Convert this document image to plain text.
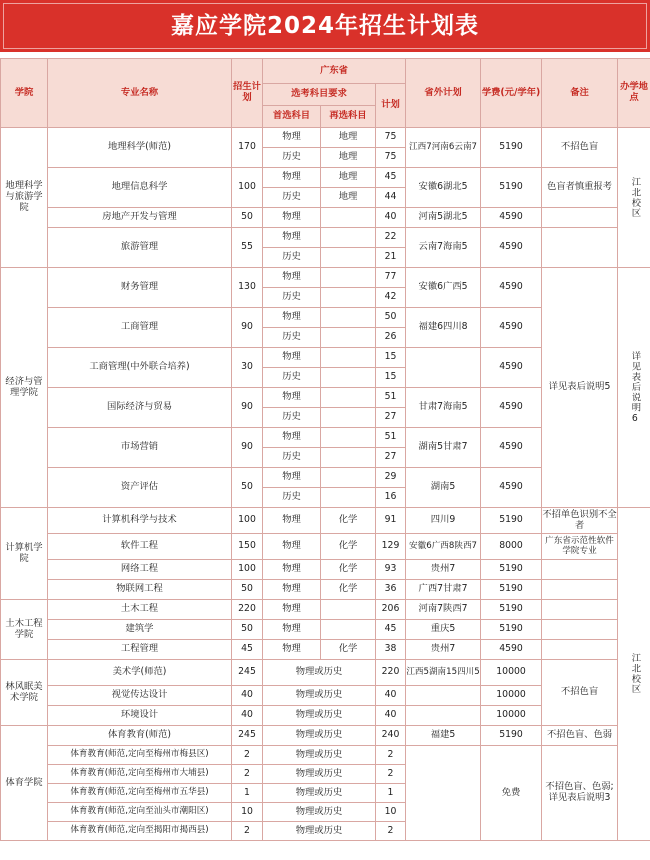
嘉应学院2024年招生计划表
学院	专业名称	招生计划	广东省			省外计划	学费(元/学年)	备注	办学地点
			选考科目要求		计划				
			首选科目	再选科目					
地理科学与旅游学院	地理科学(师范)	170	物理	地理	75	江西7河南6云南7	5190	不招色盲	江北校区
			历史	地理	75				
	地理信息科学	100	物理	地理	45	安徽6湖北5	5190	色盲者慎重报考	
			历史	地理	44				
	房地产开发与管理	50	物理		40	河南5湖北5	4590		
	旅游管理	55	物理		22	云南7海南5	4590		
			历史		21				
经济与管理学院	财务管理	130	物理		77	安徽6广西5	4590	详见表后说明5	详见表后说明6
			历史		42				
	工商管理	90	物理		50	福建6四川8	4590		
			历史		26				
	工商管理(中外联合培养)	30	物理		15		4590		
			历史		15				
	国际经济与贸易	90	物理		51	甘肃7海南5	4590		
			历史		27				
	市场营销	90	物理		51	湖南5甘肃7	4590		
			历史		27				
	资产评估	50	物理		29	湖南5	4590		
			历史		16				
计算机学院	计算机科学与技术	100	物理	化学	91	四川9	5190	不招单色识别不全者	江北校区
	软件工程	150	物理	化学	129	安徽6广西8陕西7	8000	广东省示范性软件学院专业	
	网络工程	100	物理	化学	93	贵州7	5190		
	物联网工程	50	物理	化学	36	广西7甘肃7	5190		
土木工程学院	土木工程	220	物理		206	河南7陕西7	5190		
	建筑学	50	物理		45	重庆5	5190		
	工程管理	45	物理	化学	38	贵州7	4590		
林风眠美术学院	美术学(师范)	245	物理或历史		220	江西5湖南15四川5	10000	不招色盲	
	视觉传达设计	40	物理或历史		40		10000		
	环境设计	40	物理或历史		40		10000		
体育学院	体育教育(师范)	245	物理或历史		240	福建5	5190	不招色盲、色弱	
	体育教育(师范,定向至梅州市梅县区)	2	物理或历史		2		免费	不招色盲、色弱;详见表后说明3	
	体育教育(师范,定向至梅州市大埔县)	2	物理或历史		2				
	体育教育(师范,定向至梅州市五华县)	1	物理或历史		1				
	体育教育(师范,定向至汕头市潮阳区)	10	物理或历史		10				
	体育教育(师范,定向至揭阳市揭西县)	2	物理或历史		2				
